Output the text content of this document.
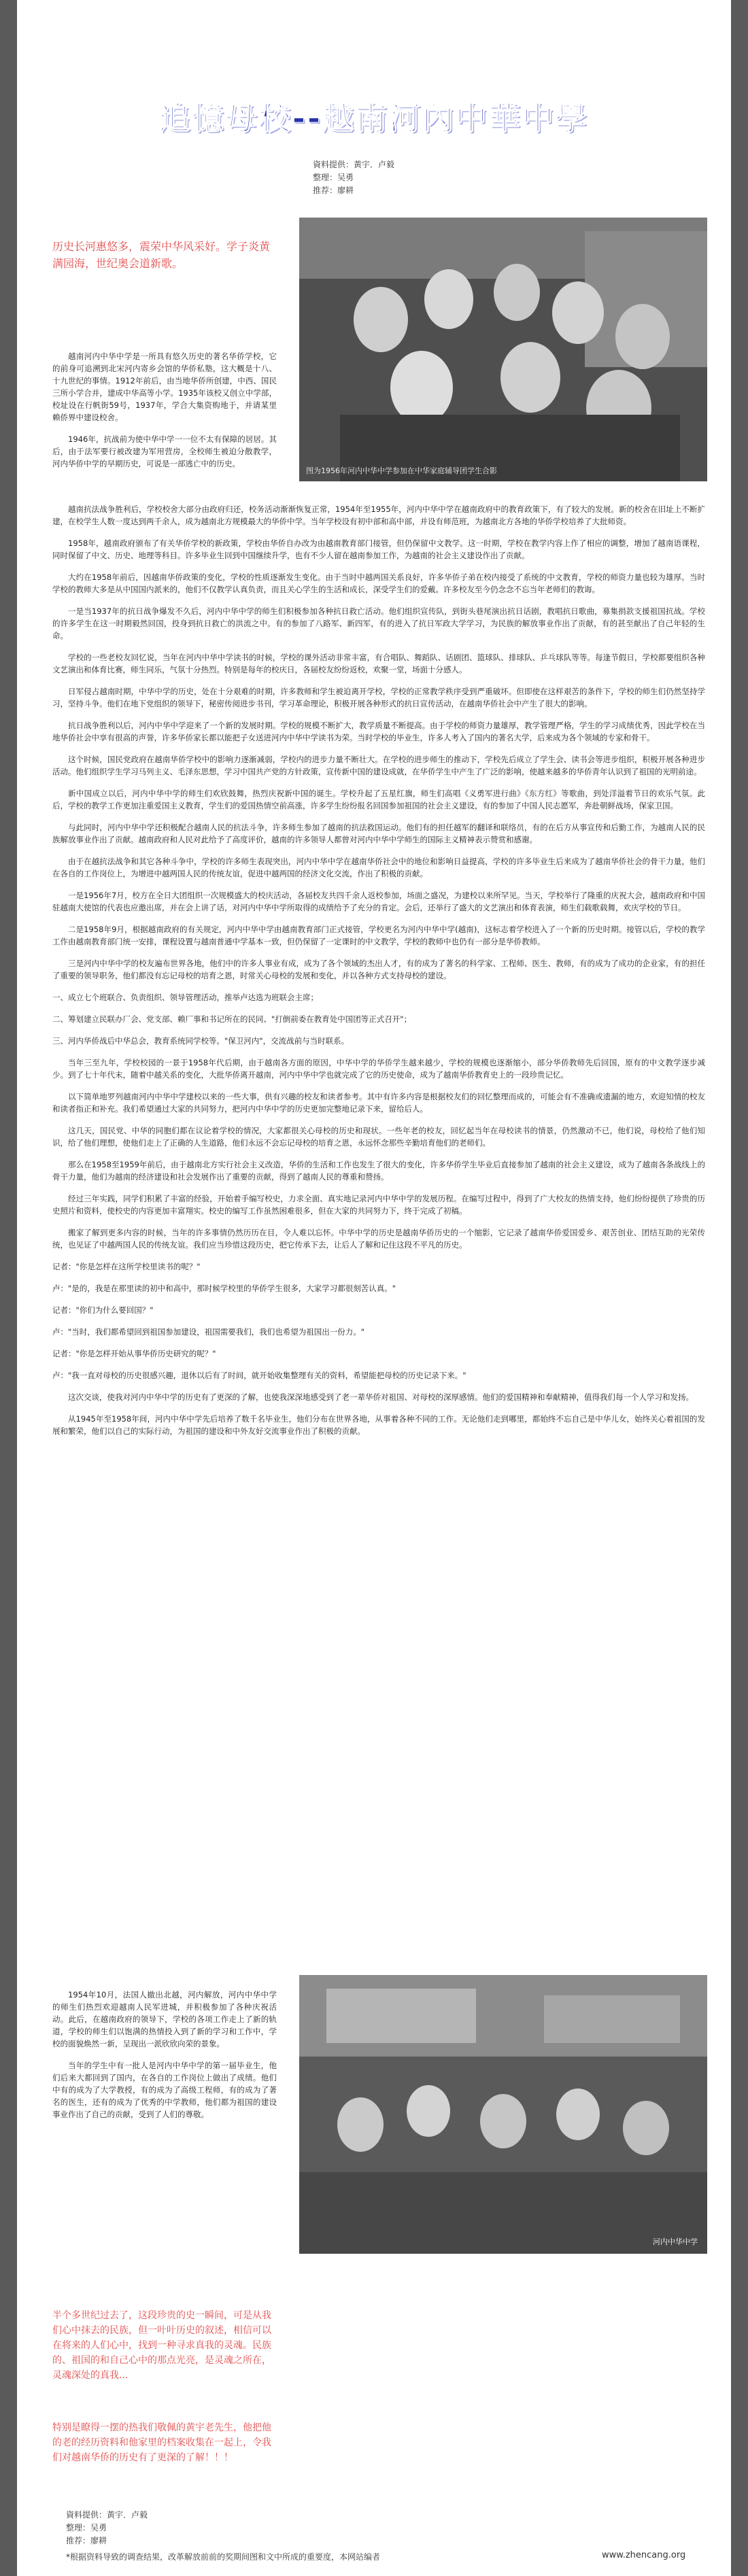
追憶母校--越南河內中華中學
資料提供：黃宇．卢毅
整理：吴勇
推荐：廖耕
历史长河惠悠多，震荣中华风采好。学子炎黄满园海，世纪奥会道新歌。
图为1956年河内中华中学参加在中华家庭辅导团学生合影

越南河内中华中学是一所具有悠久历史的著名华侨学校，它的前身可追溯到北宋河内寄乡会馆的华侨私塾，这大概是十八、十九世纪的事情。1912年前后，由当地华侨所创建，中西、国民三所小学合并，建成中华高等小学。1935年该校又创立中学部，校址设在行帆街59号，1937年，学合大集资购地于，并请某里赖侨界中建设校舍。

1946年，抗战前为使中华中学一一位不太有保障的居居。其后，由于法军要行被改建为军用营房，全校师生被迫分散教学，河内华侨中学的早期历史，可说是一部逃亡中的历史。

越南抗法战争胜利后，学校校舍大部分由政府归还，校务活动渐渐恢复正常，1954年至1955年，河内中华中学在越南政府中的教育政策下，有了较大的发展。新的校舍在旧址上不断扩建，在校学生人数一度达到两千余人，成为越南北方规模最大的华侨中学。当年学校设有初中部和高中部，并设有师范班，为越南北方各地的华侨学校培养了大批师资。

1958年，越南政府颁布了有关华侨学校的新政策，学校由华侨自办改为由越南教育部门接管，但仍保留中文教学。这一时期，学校在教学内容上作了相应的调整，增加了越南语课程，同时保留了中文、历史、地理等科目。许多毕业生回到中国继续升学，也有不少人留在越南参加工作，为越南的社会主义建设作出了贡献。

大约在1958年前后，因越南华侨政策的变化，学校的性质逐渐发生变化。由于当时中越两国关系良好，许多华侨子弟在校内接受了系统的中文教育，学校的师资力量也较为雄厚。当时学校的教师大多是从中国国内派来的，他们不仅教学认真负责，而且关心学生的生活和成长，深受学生们的爱戴。许多校友至今仍念念不忘当年老师们的教诲。

一是当1937年的抗日战争爆发不久后，河内中华中学的师生们积极参加各种抗日救亡活动。他们组织宣传队，到街头巷尾演出抗日话剧，教唱抗日歌曲，募集捐款支援祖国抗战。学校的许多学生在这一时期毅然回国，投身到抗日救亡的洪流之中。有的参加了八路军、新四军，有的进入了抗日军政大学学习，为民族的解放事业作出了贡献，有的甚至献出了自己年轻的生命。

学校的一些老校友回忆说，当年在河内中华中学读书的时候，学校的课外活动非常丰富，有合唱队、舞蹈队、话剧团、篮球队、排球队、乒乓球队等等。每逢节假日，学校都要组织各种文艺演出和体育比赛，师生同乐，气氛十分热烈。特别是每年的校庆日，各届校友纷纷返校，欢聚一堂，场面十分感人。

日军侵占越南时期，中华中学的历史，处在十分艰难的时期，许多教师和学生被迫离开学校，学校的正常教学秩序受到严重破坏。但即使在这样艰苦的条件下，学校的师生们仍然坚持学习，坚持斗争。他们在地下党组织的领导下，秘密传阅进步书刊，学习革命理论，积极开展各种形式的抗日宣传活动，在越南华侨社会中产生了很大的影响。

抗日战争胜利以后，河内中华中学迎来了一个新的发展时期。学校的规模不断扩大，教学质量不断提高。由于学校的师资力量雄厚，教学管理严格，学生的学习成绩优秀，因此学校在当地华侨社会中享有很高的声誉，许多华侨家长都以能把子女送进河内中华中学读书为荣。当时学校的毕业生，许多人考入了国内的著名大学，后来成为各个领域的专家和骨干。

这个时候，国民党政府在越南华侨学校中的影响力逐渐减弱，学校内的进步力量不断壮大。在学校的进步师生的推动下，学校先后成立了学生会、读书会等进步组织，积极开展各种进步活动。他们组织学生学习马列主义、毛泽东思想，学习中国共产党的方针政策，宣传新中国的建设成就，在华侨学生中产生了广泛的影响，使越来越多的华侨青年认识到了祖国的光明前途。

新中国成立以后，河内中华中学的师生们欢欣鼓舞，热烈庆祝新中国的诞生。学校升起了五星红旗，师生们高唱《义勇军进行曲》《东方红》等歌曲，到处洋溢着节日的欢乐气氛。此后，学校的教学工作更加注重爱国主义教育，学生们的爱国热情空前高涨，许多学生纷纷报名回国参加祖国的社会主义建设，有的参加了中国人民志愿军，奔赴朝鲜战场，保家卫国。

与此同时，河内中华中学还积极配合越南人民的抗法斗争，许多师生参加了越南的抗法救国运动。他们有的担任越军的翻译和联络员，有的在后方从事宣传和后勤工作，为越南人民的民族解放事业作出了贡献。越南政府和人民对此给予了高度评价，越南的许多领导人都曾对河内中华中学师生的国际主义精神表示赞赏和感谢。

由于在越抗法战争和其它各种斗争中，学校的许多师生表现突出，河内中华中学在越南华侨社会中的地位和影响日益提高，学校的许多毕业生后来成为了越南华侨社会的骨干力量，他们在各自的工作岗位上，为增进中越两国人民的传统友谊，促进中越两国的经济文化交流，作出了积极的贡献。

一是1956年7月，校方在全日大团组织一次规模盛大的校庆活动，各届校友共四千余人返校参加，场面之盛况，为建校以来所罕见。当天，学校举行了隆重的庆祝大会，越南政府和中国驻越南大使馆的代表也应邀出席，并在会上讲了话，对河内中华中学所取得的成绩给予了充分的肯定。会后，还举行了盛大的文艺演出和体育表演，师生们载歌载舞，欢庆学校的节日。

二是1958年9月，根据越南政府的有关规定，河内中华中学由越南教育部门正式接管，学校更名为河内中华中学(越南)，这标志着学校进入了一个新的历史时期。接管以后，学校的教学工作由越南教育部门统一安排，课程设置与越南普通中学基本一致，但仍保留了一定课时的中文教学，学校的教师中也仍有一部分是华侨教师。

三是河内中华中学的校友遍布世界各地，他们中的许多人事业有成，成为了各个领域的杰出人才，有的成为了著名的科学家、工程师、医生、教师，有的成为了成功的企业家，有的担任了重要的领导职务，他们都没有忘记母校的培育之恩，时常关心母校的发展和变化，并以各种方式支持母校的建设。

一、成立七个班联合、负责组织、领导管理活动，推举卢达选为班联会主席；

二、筹划建立民联办厂会、党支部、赖厂事和书记所在的民同、"打倒前委在教育处中国团等正式召开"；

三、河内华侨战后中华总会，教育系统同学校等。"保卫河内"，交流战前与当时联系。

当年三至九年，学校校园的一景于1958年代后期，由于越南各方面的原因，中华中学的华侨学生越来越少，学校的规模也逐渐缩小，部分华侨教师先后回国，原有的中文教学逐步减少。到了七十年代末，随着中越关系的变化，大批华侨离开越南，河内中华中学也就完成了它的历史使命，成为了越南华侨教育史上的一段珍贵记忆。

以下简单地罗列越南河内中华中学建校以来的一些大事，供有兴趣的校友和读者参考。其中有许多内容是根据校友们的回忆整理而成的，可能会有不准确或遗漏的地方，欢迎知情的校友和读者指正和补充。我们希望通过大家的共同努力，把河内中华中学的历史更加完整地记录下来，留给后人。

这几天，国民党、中华的同胞们都在议论着学校的情况，大家都很关心母校的历史和现状。一些年老的校友，回忆起当年在母校读书的情景，仍然激动不已，他们说，母校给了他们知识，给了他们理想，使他们走上了正确的人生道路，他们永远不会忘记母校的培育之恩，永远怀念那些辛勤培育他们的老师们。

那么在1958至1959年前后，由于越南北方实行社会主义改造，华侨的生活和工作也发生了很大的变化，许多华侨学生毕业后直接参加了越南的社会主义建设，成为了越南各条战线上的骨干力量，他们为越南的经济建设和社会发展作出了重要的贡献，得到了越南人民的尊重和赞扬。

经过三年实践，同学们积累了丰富的经验，开始着手编写校史，力求全面、真实地记录河内中华中学的发展历程。在编写过程中，得到了广大校友的热情支持，他们纷纷提供了珍贵的历史照片和资料，使校史的内容更加丰富翔实。校史的编写工作虽然困难很多，但在大家的共同努力下，终于完成了初稿。

搬家了解到更多内容的时候，当年的许多事情仍然历历在目，令人难以忘怀。中华中学的历史是越南华侨历史的一个缩影，它记录了越南华侨爱国爱乡、艰苦创业、团结互助的光荣传统，也见证了中越两国人民的传统友谊。我们应当珍惜这段历史，把它传承下去，让后人了解和记住这段不平凡的历史。

记者："你是怎样在这所学校里读书的呢？"

卢："是的，我是在那里读的初中和高中，那时候学校里的华侨学生很多，大家学习都很刻苦认真。"

记者："你们为什么要回国？"

卢："当时，我们都希望回到祖国参加建设，祖国需要我们，我们也希望为祖国出一份力。"

记者："你是怎样开始从事华侨历史研究的呢？"

卢："我一直对母校的历史很感兴趣，退休以后有了时间，就开始收集整理有关的资料，希望能把母校的历史记录下来。"

这次交谈，使我对河内中华中学的历史有了更深的了解，也使我深深地感受到了老一辈华侨对祖国、对母校的深厚感情。他们的爱国精神和奉献精神，值得我们每一个人学习和发扬。

从1945年至1958年间，河内中华中学先后培养了数千名毕业生，他们分布在世界各地，从事着各种不同的工作。无论他们走到哪里，都始终不忘自己是中华儿女，始终关心着祖国的发展和繁荣，他们以自己的实际行动，为祖国的建设和中外友好交流事业作出了积极的贡献。

1954年10月，法国人撤出北越，河内解放，河内中华中学的师生们热烈欢迎越南人民军进城，并积极参加了各种庆祝活动。此后，在越南政府的领导下，学校的各项工作走上了新的轨道，学校的师生们以饱满的热情投入到了新的学习和工作中，学校的面貌焕然一新，呈现出一派欣欣向荣的景象。

当年的学生中有一批人是河内中华中学的第一届毕业生，他们后来大都回到了国内，在各自的工作岗位上做出了成绩。他们中有的成为了大学教授，有的成为了高级工程师，有的成为了著名的医生，还有的成为了优秀的中学教师，他们都为祖国的建设事业作出了自己的贡献，受到了人们的尊敬。

河内中华中学
半个多世纪过去了，这段珍贵的史一瞬间，可是从我们心中抹去的民族，但一叶叶历史的叙述，相信可以在将来的人们心中，找到一种寻求真我的灵魂。民族的、祖国的和自己心中的那点光亮，是灵魂之所在，灵魂深处的真我...
特别是瞭得一摆的热我们敬佩的黄宇老先生，他把他的老的经历资料和他家里的档案收集在一起上，令我们对越南华侨的历史有了更深的了解！！！
資料提供：黃宇．卢毅
整理：吴勇
推荐：廖耕
*根据资料导致的调查结果，改革解放前前的奖期间图和文中所成的重要度，本网站编者	www.zhencang.org
